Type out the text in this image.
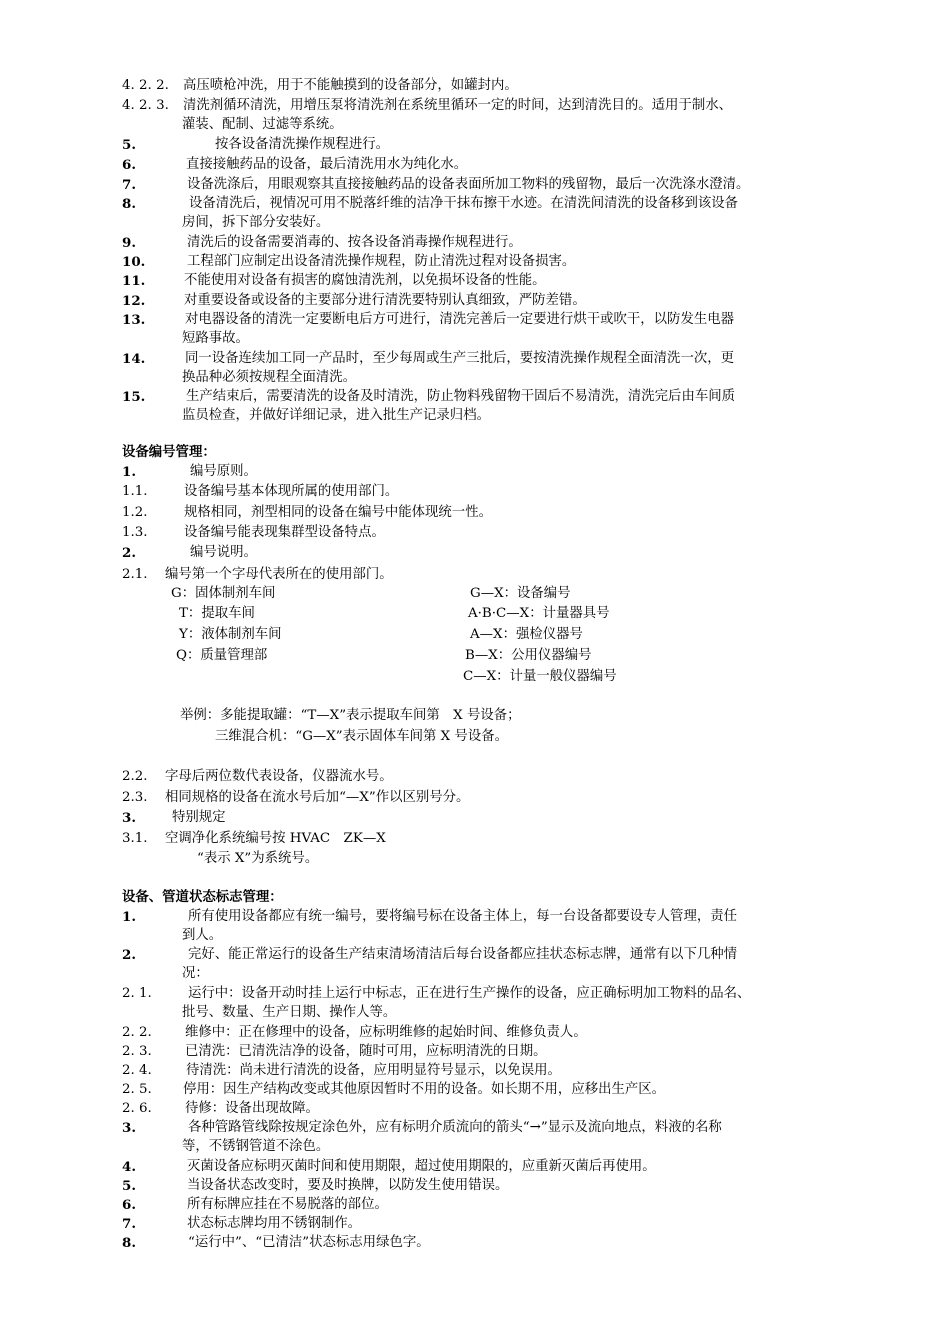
4. 2. 2. 高压喷枪冲洗，用于不能触摸到的设备部分，如罐封内。
4. 2. 3. 清洗剂循环清洗，用增压泵将清洗剂在系统里循环一定的时间，达到清洗目的。适用于制水、
灌装、配制、过滤等系统。
5.	按各设备清洗操作规程进行。
6.	直接接触药品的设备，最后清洗用水为纯化水。
7.	设备洗涤后，用眼观察其直接接触药品的设备表面所加工物料的残留物，最后一次洗涤水澄清。
8.	设备清洗后，视情况可用不脱落纤维的洁净干抹布擦干水迹。在清洗间清洗的设备移到该设备
房间，拆下部分安装好。
9.	清洗后的设备需要消毒的、按各设备消毒操作规程进行。
10.	工程部门应制定出设备清洗操作规程，防止清洗过程对设备损害。
11.	不能使用对设备有损害的腐蚀清洗剂，以免损坏设备的性能。
12.	对重要设备或设备的主要部分进行清洗要特别认真细致，严防差错。
13.	对电器设备的清洗一定要断电后方可进行，清洗完善后一定要进行烘干或吹干，以防发生电器
短路事故。
14.	同一设备连续加工同一产品时，至少每周或生产三批后，要按清洗操作规程全面清洗一次，更
换品种必须按规程全面清洗。
15.	生产结束后，需要清洗的设备及时清洗，防止物料残留物干固后不易清洗，清洗完后由车间质
监员检查，并做好详细记录，进入批生产记录归档。
设备编号管理：
1.	编号原则。
1.1.	设备编号基本体现所属的使用部门。
1.2.	规格相同，剂型相同的设备在编号中能体现统一性。
1.3.	设备编号能表现集群型设备特点。
2.	编号说明。
2.1. 编号第一个字母代表所在的使用部门。
G：固体制剂车间
T：提取车间
Y：液体制剂车间
Q：质量管理部
G—X：设备编号
A·B·C—X：计量器具号
A—X：强检仪器号
B—X：公用仪器编号
C—X：计量一般仪器编号
举例：多能提取罐：“T—X”表示提取车间第　X 号设备；
三维混合机：“G—X”表示固体车间第 X 号设备。
2.2. 字母后两位数代表设备，仪器流水号。
2.3. 相同规格的设备在流水号后加“—X”作以区别号分。
3.	特别规定
3.1. 空调净化系统编号按 HVAC　ZK—X
“表示 X”为系统号。
设备、管道状态标志管理：
1.	所有使用设备都应有统一编号，要将编号标在设备主体上，每一台设备都要设专人管理，责任
到人。
2.	完好、能正常运行的设备生产结束清场清洁后每台设备都应挂状态标志牌，通常有以下几种情
况：
2. 1.	运行中：设备开动时挂上运行中标志，正在进行生产操作的设备，应正确标明加工物料的品名、
批号、数量、生产日期、操作人等。
2. 2. 维修中：正在修理中的设备，应标明维修的起始时间、维修负责人。
2. 3. 已清洗：已清洗洁净的设备，随时可用，应标明清洗的日期。
2. 4.	待清洗：尚未进行清洗的设备，应用明显符号显示，以免误用。
2. 5. 停用：因生产结构改变或其他原因暂时不用的设备。如长期不用，应移出生产区。
2. 6. 待修：设备出现故障。
3.	各种管路管线除按规定涂色外，应有标明介质流向的箭头“→”显示及流向地点，料液的名称
等，不锈钢管道不涂色。
4.	灭菌设备应标明灭菌时间和使用期限，超过使用期限的，应重新灭菌后再使用。
5.	当设备状态改变时，要及时换牌，以防发生使用错误。
6.	所有标牌应挂在不易脱落的部位。
7.	状态标志牌均用不锈钢制作。
8.	“运行中”、“已清洁”状态标志用绿色字。
